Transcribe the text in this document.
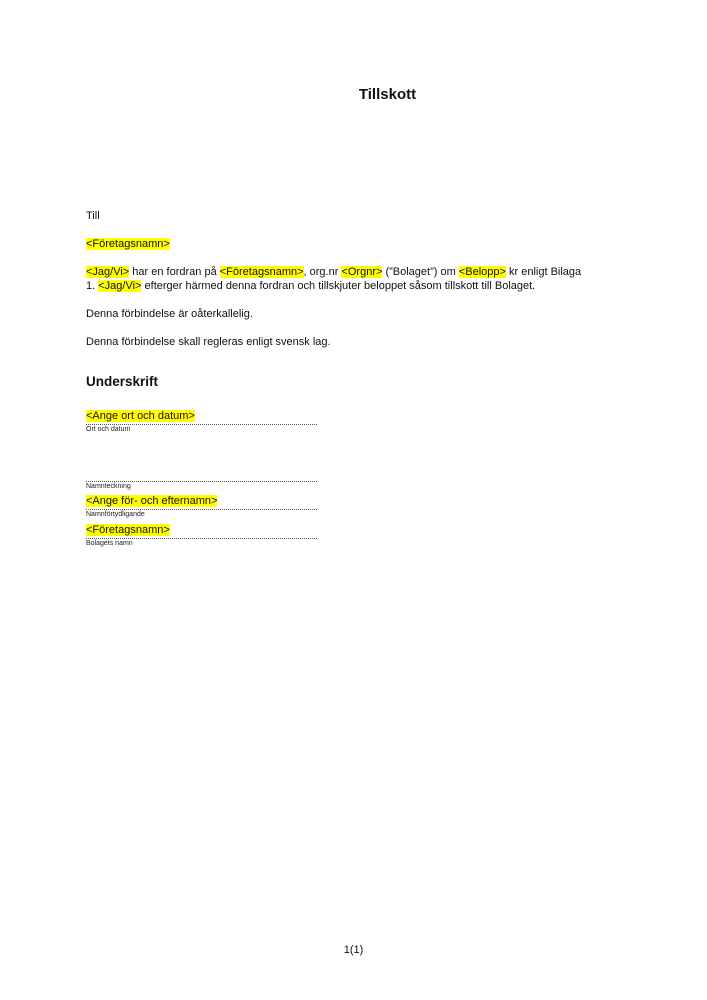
Tillskott
Till
<Företagsnamn>
<Jag/Vi> har en fordran på <Företagsnamn>, org.nr <Orgnr> (”Bolaget”) om <Belopp> kr enligt Bilaga
1. <Jag/Vi> efterger härmed denna fordran och tillskjuter beloppet såsom tillskott till Bolaget.
Denna förbindelse är oåterkallelig.
Denna förbindelse skall regleras enligt svensk lag.
Underskrift
<Ange ort och datum>
Ort och datum
Namnteckning
<Ange för- och efternamn>
Namnförtydligande
<Företagsnamn>
Bolagets namn
1(1)
